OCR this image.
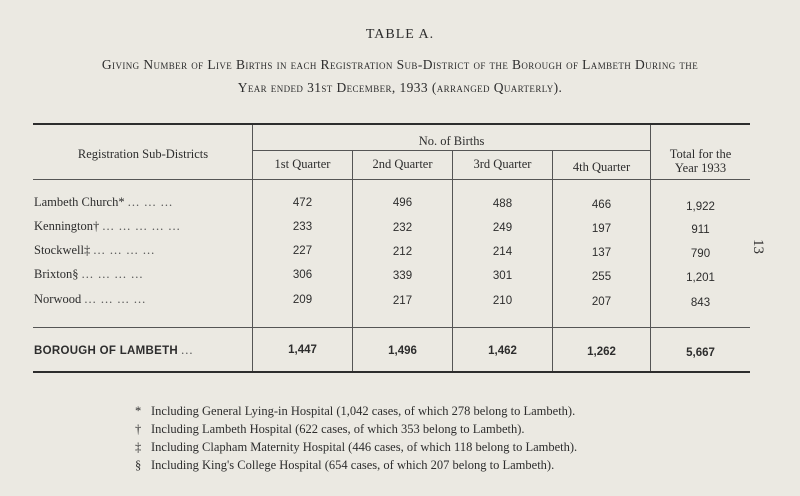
TABLE A.
Giving Number of Live Births in each Registration Sub-District of the Borough of Lambeth During the
Year ended 31st December, 1933 (arranged Quarterly).
13
Registration Sub-Districts
No. of Births
1st Quarter	2nd Quarter	3rd Quarter	4th Quarter
Total for the
Year 1933
Lambeth Church* ... ... ...	472	496	488	466	1,922
Kennington† ... ... ... ... ...	233	232	249	197	911
Stockwell‡ ... ... ... ...	227	212	214	137	790
Brixton§ ... ... ... ...	306	339	301	255	1,201
Norwood ... ... ... ...	209	217	210	207	843
BOROUGH OF LAMBETH ...	1,447	1,496	1,462	1,262	5,667
* Including General Lying-in Hospital (1,042 cases, of which 278 belong to Lambeth).
† Including Lambeth Hospital (622 cases, of which 353 belong to Lambeth).
‡ Including Clapham Maternity Hospital (446 cases, of which 118 belong to Lambeth).
§ Including King's College Hospital (654 cases, of which 207 belong to Lambeth).
